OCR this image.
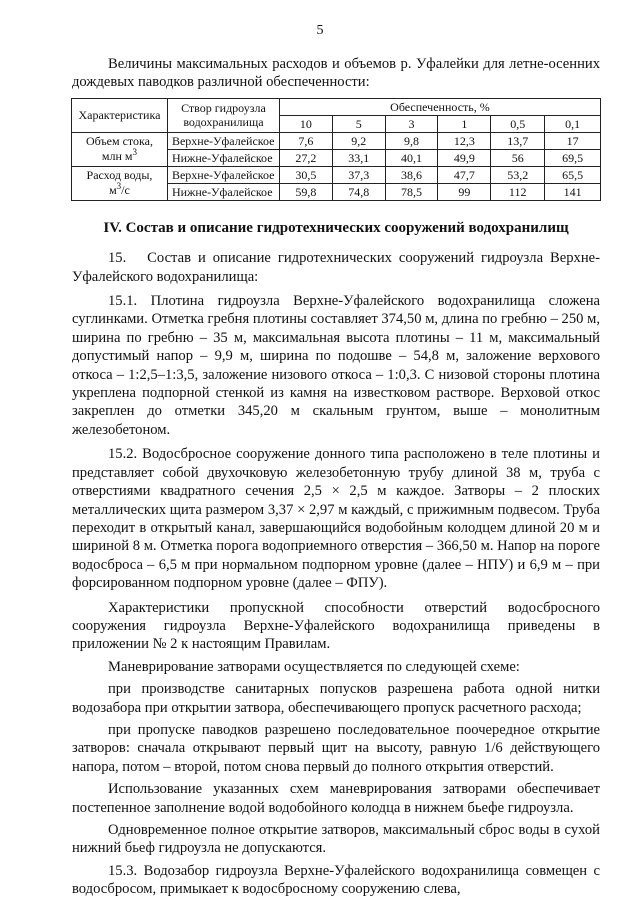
5

Величины максимальных расходов и объемов р. Уфалейки для летне-осенних дождевых паводков различной обеспеченности:

Характеристика	Створ гидроузла водохранилища	Обеспеченность, %					
		10	5	3	1	0,5	0,1
Объем стока,
млн $м^3$	Верхне-Уфалейское	7,6	9,2	9,8	12,3	13,7	17
	Нижне-Уфалейское	27,2	33,1	40,1	49,9	56	69,5
Расход воды,
$м^3/с$	Верхне-Уфалейское	30,5	37,3	38,6	47,7	53,2	65,5
	Нижне-Уфалейское	59,8	74,8	78,5	99	112	141
IV. Состав и описание гидротехнических сооружений водохранилищ

15.   Состав и описание гидротехнических сооружений гидроузла Верхне-Уфалейского водохранилища:

15.1. Плотина гидроузла Верхне-Уфалейского водохранилища сложена суглинками. Отметка гребня плотины составляет 374,50 м, длина по гребню – 250 м, ширина по гребню – 35 м, максимальная высота плотины – 11 м, максимальный допустимый напор – 9,9 м, ширина по подошве – 54,8 м, заложение верхового откоса – 1:2,5–1:3,5, заложение низового откоса – 1:0,3. С низовой стороны плотина укреплена подпорной стенкой из камня на известковом растворе. Верховой откос закреплен до отметки 345,20 м скальным грунтом, выше – монолитным железобетоном.

15.2. Водосбросное сооружение донного типа расположено в теле плотины и представляет собой двухочковую железобетонную трубу длиной 38 м, труба с отверстиями квадратного сечения 2,5 × 2,5 м каждое. Затворы – 2 плоских металлических щита размером 3,37 × 2,97 м каждый, с прижимным подвесом. Труба переходит в открытый канал, завершающийся водобойным колодцем длиной 20 м и шириной 8 м. Отметка порога водоприемного отверстия – 366,50 м. Напор на пороге водосброса – 6,5 м при нормальном подпорном уровне (далее – НПУ) и 6,9 м – при форсированном подпорном уровне (далее – ФПУ).

Характеристики пропускной способности отверстий водосбросного сооружения гидроузла Верхне-Уфалейского водохранилища приведены в приложении № 2 к настоящим Правилам.

Маневрирование затворами осуществляется по следующей схеме:

при производстве санитарных попусков разрешена работа одной нитки водозабора при открытии затвора, обеспечивающего пропуск расчетного расхода;

при пропуске паводков разрешено последовательное поочередное открытие затворов: сначала открывают первый щит на высоту, равную 1/6 действующего напора, потом – второй, потом снова первый до полного открытия отверстий.

Использование указанных схем маневрирования затворами обеспечивает постепенное заполнение водой водобойного колодца в нижнем бьефе гидроузла.

Одновременное полное открытие затворов, максимальный сброс воды в сухой нижний бьеф гидроузла не допускаются.

15.3. Водозабор гидроузла Верхне-Уфалейского водохранилища совмещен с водосбросом, примыкает к водосбросному сооружению слева,
